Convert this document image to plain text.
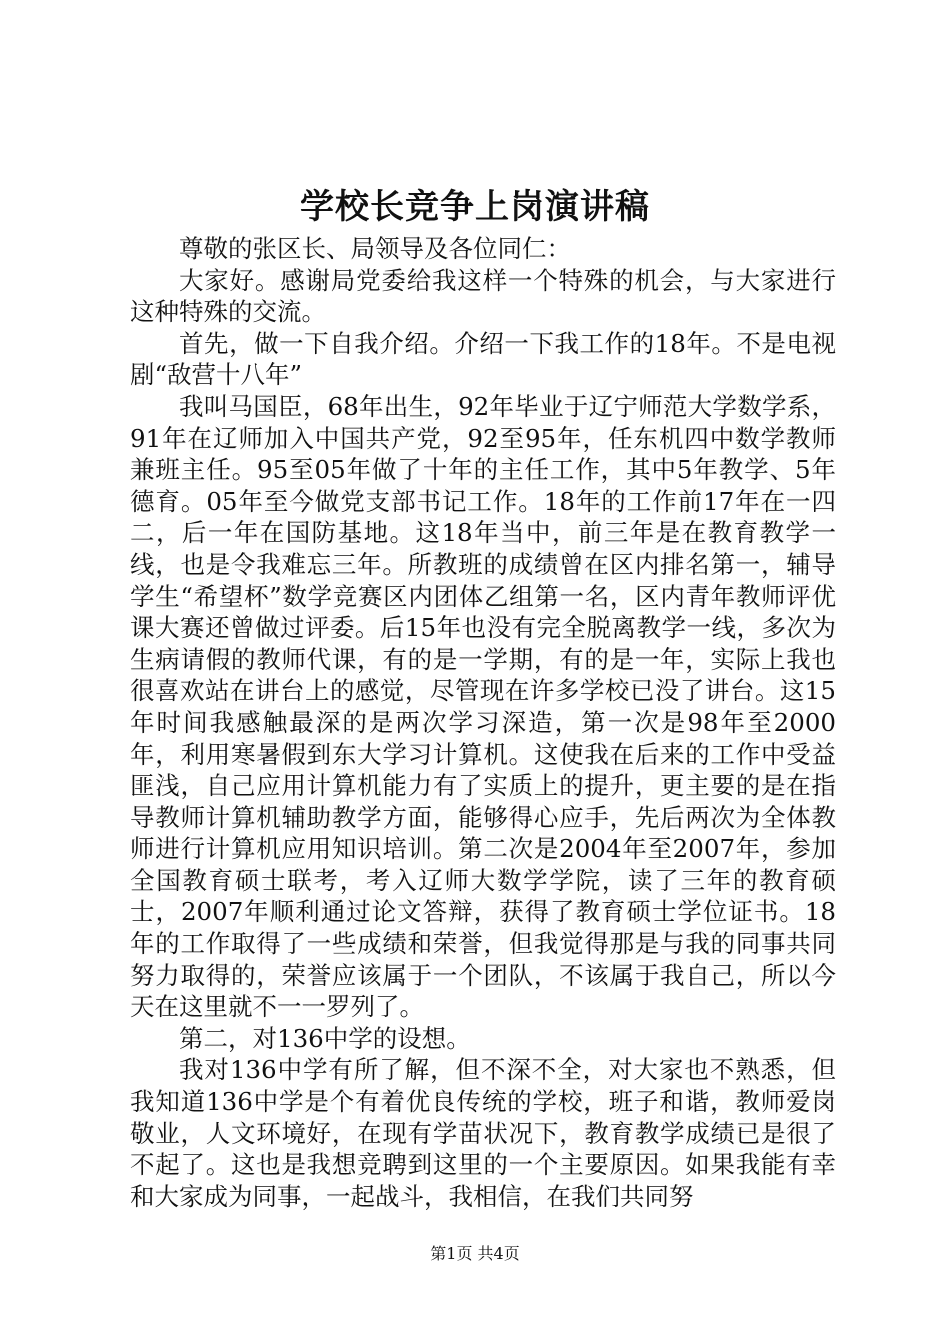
学校长竞争上岗演讲稿

尊敬的张区长、局领导及各位同仁：

大家好。感谢局党委给我这样一个特殊的机会，与大家进行这种特殊的交流。

首先，做一下自我介绍。介绍一下我工作的18年。不是电视剧“敌营十八年”

我叫马国臣，68年出生，92年毕业于辽宁师范大学数学系，91年在辽师加入中国共产党，92至95年，任东机四中数学教师兼班主任。95至05年做了十年的主任工作，其中5年教学、5年德育。05年至今做党支部书记工作。18年的工作前17年在一四二，后一年在国防基地。这18年当中，前三年是在教育教学一线，也是令我难忘三年。所教班的成绩曾在区内排名第一，辅导学生“希望杯”数学竞赛区内团体乙组第一名，区内青年教师评优课大赛还曾做过评委。后15年也没有完全脱离教学一线，多次为生病请假的教师代课，有的是一学期，有的是一年，实际上我也很喜欢站在讲台上的感觉，尽管现在许多学校已没了讲台。这15年时间我感触最深的是两次学习深造，第一次是98年至2000年，利用寒暑假到东大学习计算机。这使我在后来的工作中受益匪浅，自己应用计算机能力有了实质上的提升，更主要的是在指导教师计算机辅助教学方面，能够得心应手，先后两次为全体教师进行计算机应用知识培训。第二次是2004年至2007年，参加全国教育硕士联考，考入辽师大数学学院，读了三年的教育硕士，2007年顺利通过论文答辩，获得了教育硕士学位证书。18年的工作取得了一些成绩和荣誉，但我觉得那是与我的同事共同努力取得的，荣誉应该属于一个团队，不该属于我自己，所以今天在这里就不一一罗列了。

第二，对136中学的设想。

我对136中学有所了解，但不深不全，对大家也不熟悉，但我知道136中学是个有着优良传统的学校，班子和谐，教师爱岗敬业，人文环境好，在现有学苗状况下，教育教学成绩已是很了不起了。这也是我想竞聘到这里的一个主要原因。如果我能有幸和大家成为同事，一起战斗，我相信，在我们共同努

第1页 共4页
